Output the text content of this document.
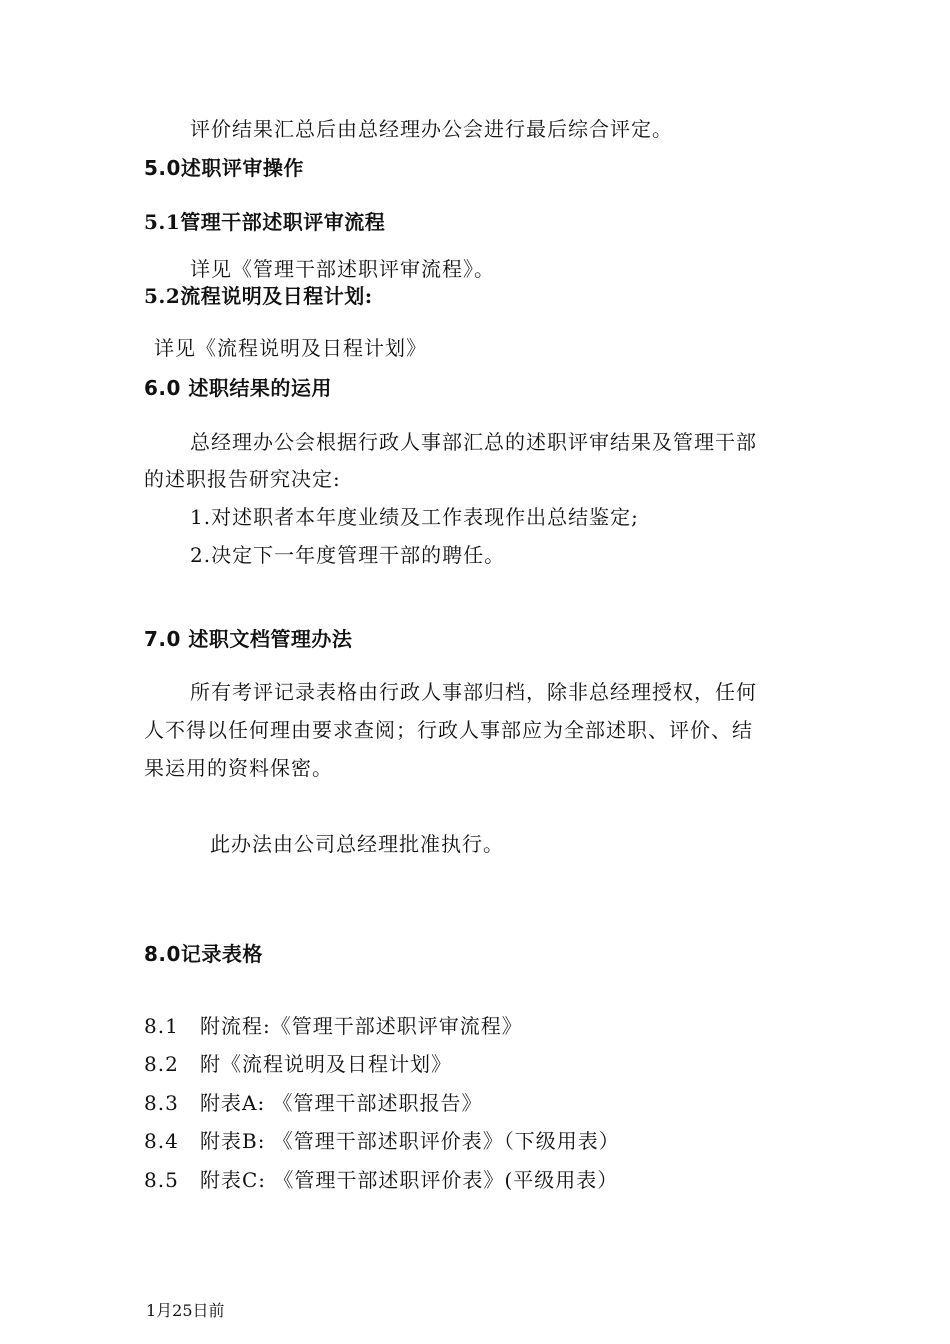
评价结果汇总后由总经理办公会进行最后综合评定。
5.0述职评审操作
5.1管理干部述职评审流程
详见《管理干部述职评审流程》。
5.2流程说明及日程计划:
详见《流程说明及日程计划》
6.0 述职结果的运用
总经理办公会根据行政人事部汇总的述职评审结果及管理干部
的述职报告研究决定:
1.对述职者本年度业绩及工作表现作出总结鉴定;
2.决定下一年度管理干部的聘任。
7.0 述职文档管理办法
所有考评记录表格由行政人事部归档，除非总经理授权，任何
人不得以任何理由要求查阅；行政人事部应为全部述职、评价、结
果运用的资料保密。
此办法由公司总经理批准执行。
8.0记录表格
8.1 附流程:《管理干部述职评审流程》
8.2 附《流程说明及日程计划》
8.3 附表A: 《管理干部述职报告》
8.4 附表B: 《管理干部述职评价表》（下级用表）
8.5 附表C: 《管理干部述职评价表》(平级用表）
1月25日前
